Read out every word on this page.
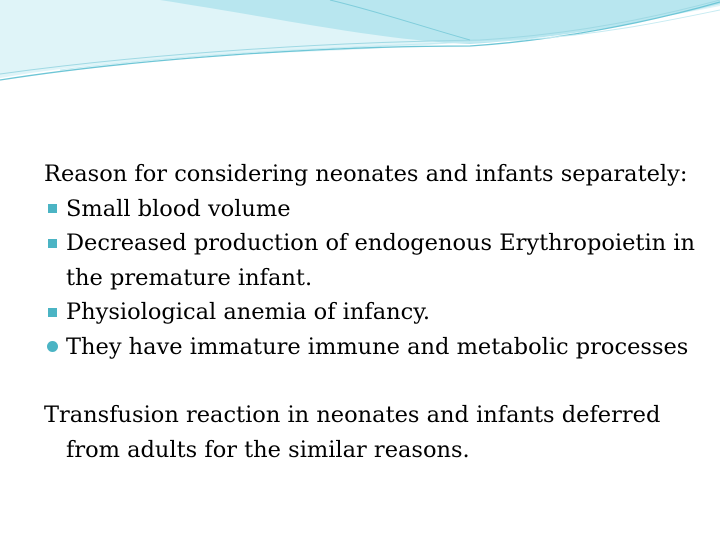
Reason for considering neonates and infants separately:

Small blood volume
Decreased production of endogenous Erythropoietin in the premature infant.
Physiological anemia of infancy.
They have immature immune and metabolic processes

Transfusion reaction in neonates and infants deferred from adults for the similar reasons.
